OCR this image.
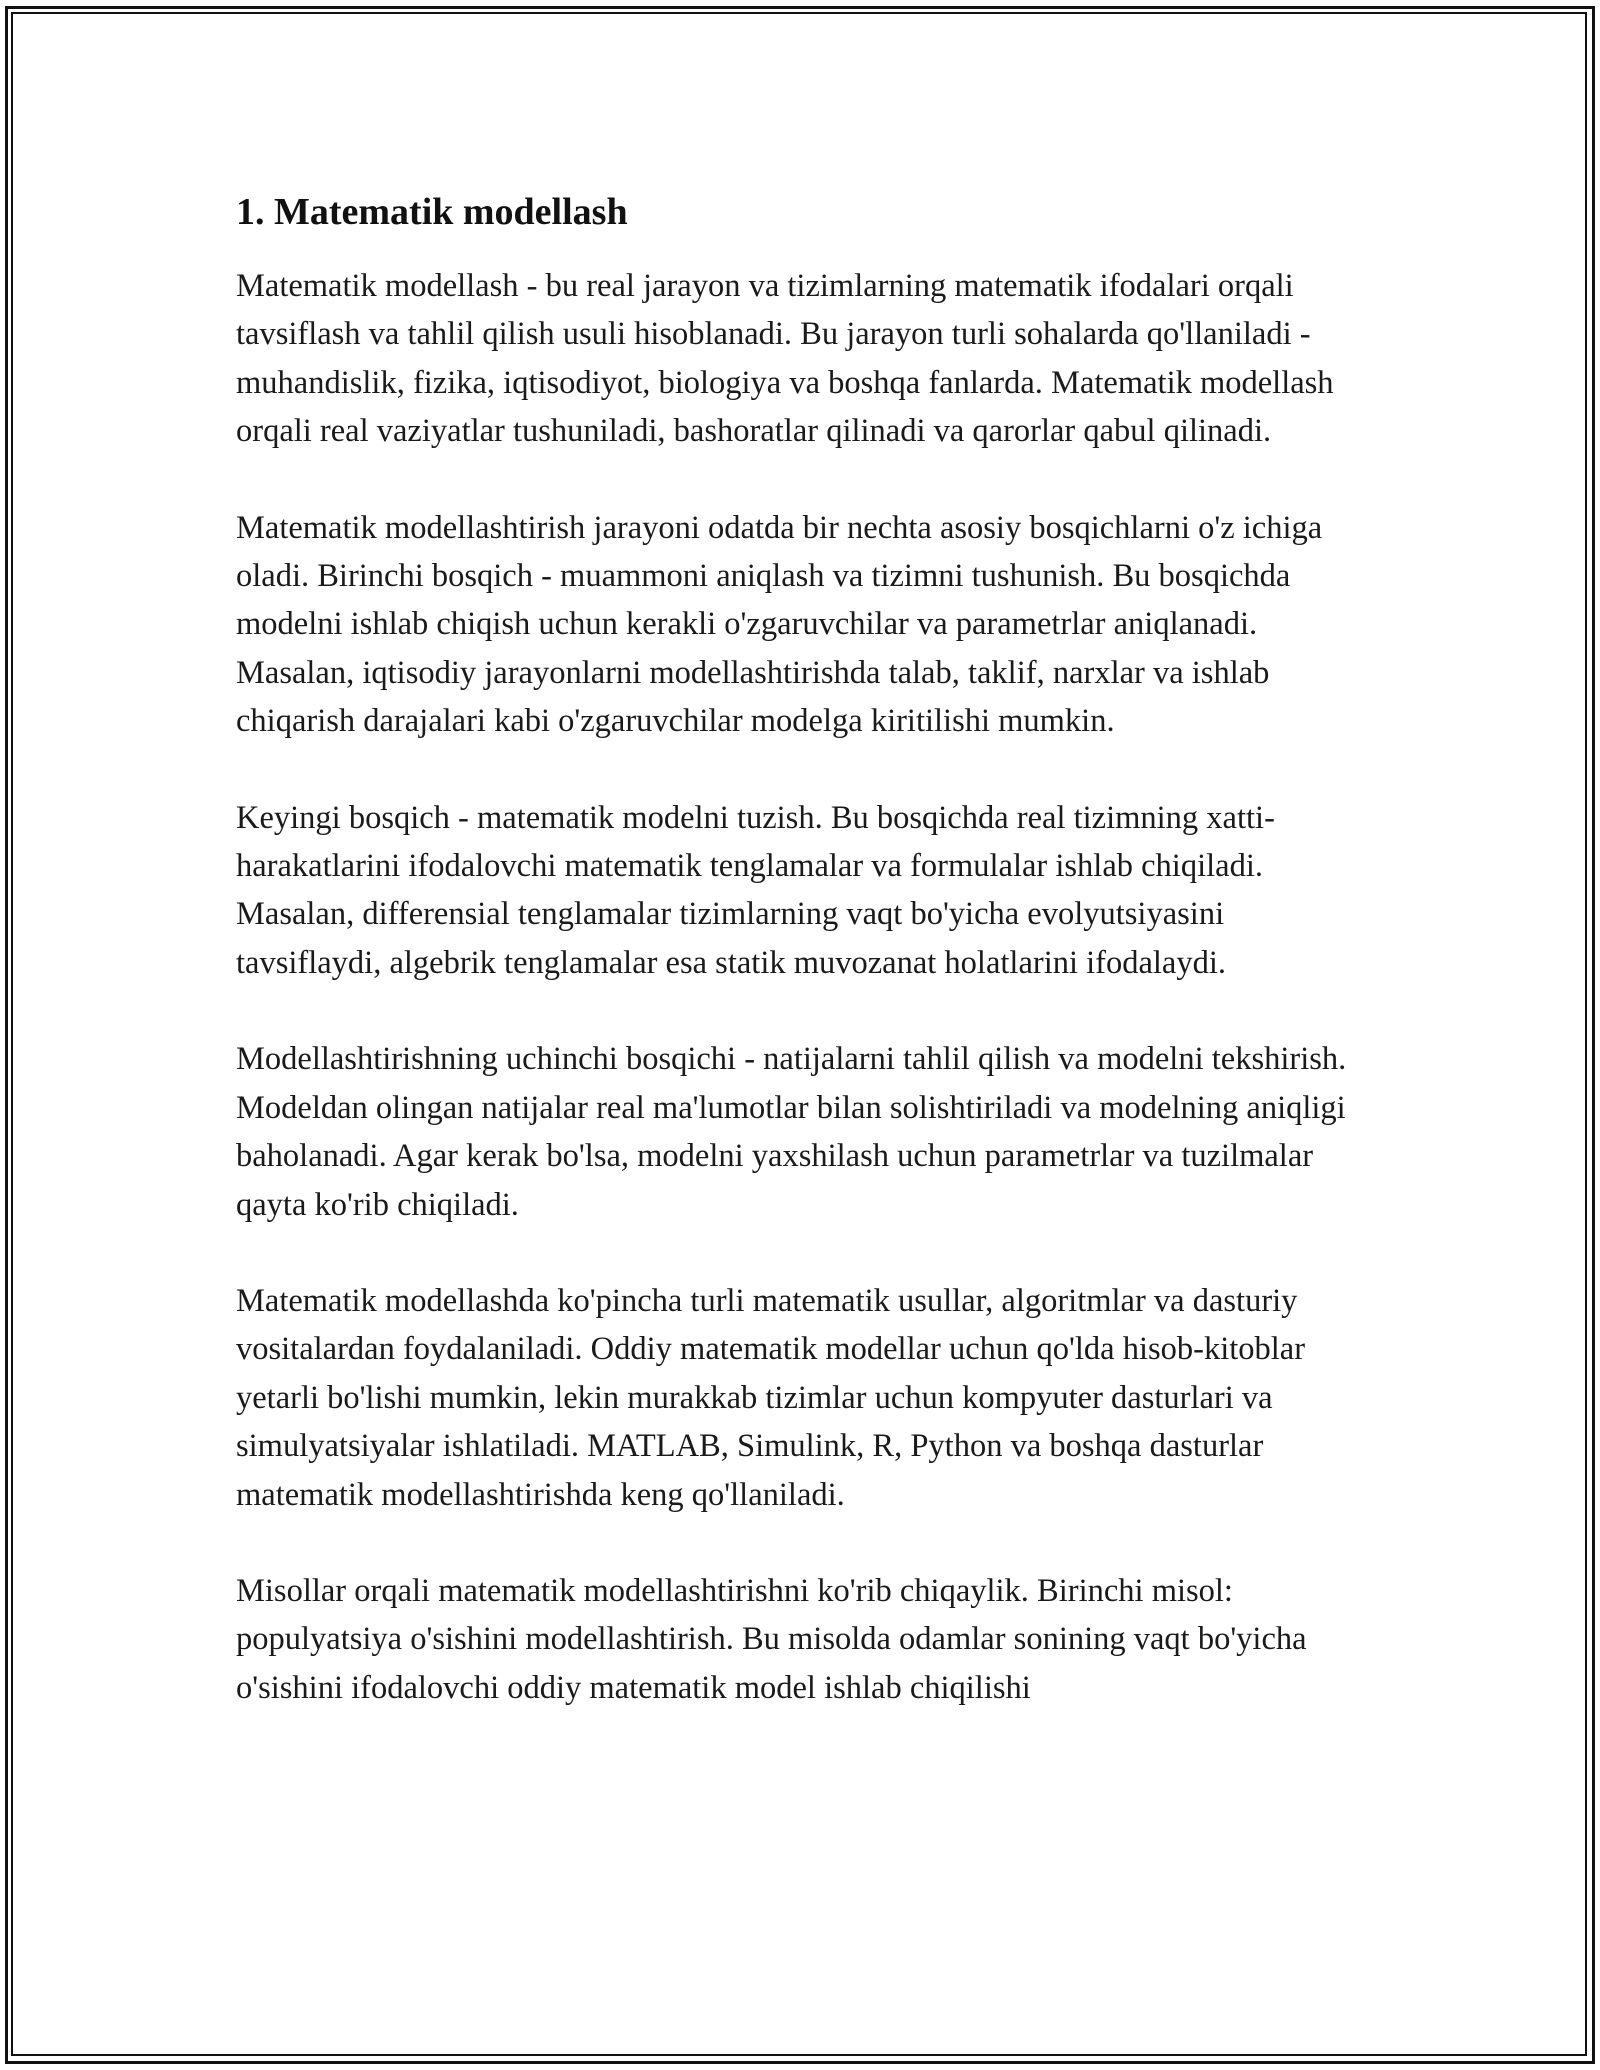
1. Matematik modellash

Matematik modellash - bu real jarayon va tizimlarning matematik ifodalari orqali tavsiflash va tahlil qilish usuli hisoblanadi. Bu jarayon turli sohalarda qo'llaniladi - muhandislik, fizika, iqtisodiyot, biologiya va boshqa fanlarda. Matematik modellash orqali real vaziyatlar tushuniladi, bashoratlar qilinadi va qarorlar qabul qilinadi.

Matematik modellashtirish jarayoni odatda bir nechta asosiy bosqichlarni o'z ichiga oladi. Birinchi bosqich - muammoni aniqlash va tizimni tushunish. Bu bosqichda modelni ishlab chiqish uchun kerakli o'zgaruvchilar va parametrlar aniqlanadi. Masalan, iqtisodiy jarayonlarni modellashtirishda talab, taklif, narxlar va ishlab chiqarish darajalari kabi o'zgaruvchilar modelga kiritilishi mumkin.

Keyingi bosqich - matematik modelni tuzish. Bu bosqichda real tizimning xatti-harakatlarini ifodalovchi matematik tenglamalar va formulalar ishlab chiqiladi. Masalan, differensial tenglamalar tizimlarning vaqt bo'yicha evolyutsiyasini tavsiflaydi, algebrik tenglamalar esa statik muvozanat holatlarini ifodalaydi.

Modellashtirishning uchinchi bosqichi - natijalarni tahlil qilish va modelni tekshirish. Modeldan olingan natijalar real ma'lumotlar bilan solishtiriladi va modelning aniqligi baholanadi. Agar kerak bo'lsa, modelni yaxshilash uchun parametrlar va tuzilmalar qayta ko'rib chiqiladi.

Matematik modellashda ko'pincha turli matematik usullar, algoritmlar va dasturiy vositalardan foydalaniladi. Oddiy matematik modellar uchun qo'lda hisob-kitoblar yetarli bo'lishi mumkin, lekin murakkab tizimlar uchun kompyuter dasturlari va simulyatsiyalar ishlatiladi. MATLAB, Simulink, R, Python va boshqa dasturlar matematik modellashtirishda keng qo'llaniladi.

Misollar orqali matematik modellashtirishni ko'rib chiqaylik. Birinchi misol: populyatsiya o'sishini modellashtirish. Bu misolda odamlar sonining vaqt bo'yicha o'sishini ifodalovchi oddiy matematik model ishlab chiqilishi
